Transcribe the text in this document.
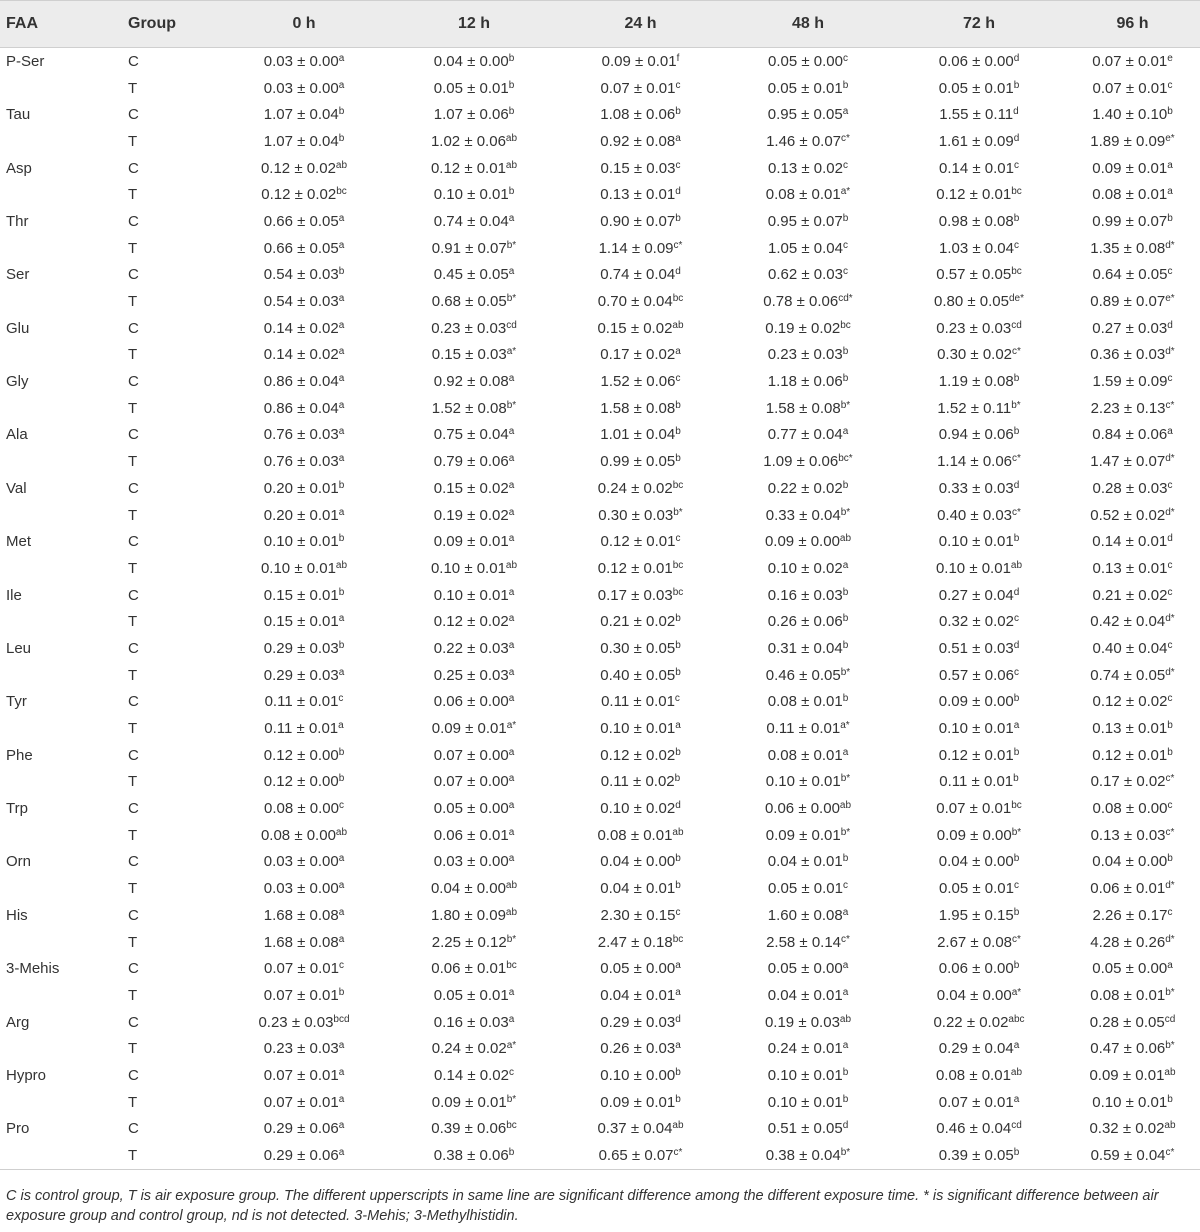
FAA	Group	0 h	12 h	24 h	48 h	72 h	96 h
P-Ser	C	0.03 ± 0.00$^a$	0.04 ± 0.00$^b$	0.09 ± 0.01$^f$	0.05 ± 0.00$^c$	0.06 ± 0.00$^d$	0.07 ± 0.01$^e$
	T	0.03 ± 0.00$^a$	0.05 ± 0.01$^b$	0.07 ± 0.01$^c$	0.05 ± 0.01$^b$	0.05 ± 0.01$^b$	0.07 ± 0.01$^c$
Tau	C	1.07 ± 0.04$^b$	1.07 ± 0.06$^b$	1.08 ± 0.06$^b$	0.95 ± 0.05$^a$	1.55 ± 0.11$^d$	1.40 ± 0.10$^b$
	T	1.07 ± 0.04$^b$	1.02 ± 0.06$^{ab}$	0.92 ± 0.08$^a$	$1.46 \pm 0.07^{c*}$	1.61 ± 0.09$^d$	$1.89 \pm 0.09^{e*}$
Asp	C	0.12 ± 0.02$^{ab}$	0.12 ± 0.01$^{ab}$	0.15 ± 0.03$^c$	0.13 ± 0.02$^c$	0.14 ± 0.01$^c$	0.09 ± 0.01$^a$
	T	0.12 ± 0.02$^{bc}$	0.10 ± 0.01$^b$	0.13 ± 0.01$^d$	$0.08 \pm 0.01^{a*}$	0.12 ± 0.01$^{bc}$	0.08 ± 0.01$^a$
Thr	C	0.66 ± 0.05$^a$	0.74 ± 0.04$^a$	0.90 ± 0.07$^b$	0.95 ± 0.07$^b$	0.98 ± 0.08$^b$	0.99 ± 0.07$^b$
	T	0.66 ± 0.05$^a$	$0.91 \pm 0.07^{b*}$	$1.14 \pm 0.09^{c*}$	1.05 ± 0.04$^c$	1.03 ± 0.04$^c$	$1.35 \pm 0.08^{d*}$
Ser	C	0.54 ± 0.03$^b$	0.45 ± 0.05$^a$	0.74 ± 0.04$^d$	0.62 ± 0.03$^c$	0.57 ± 0.05$^{bc}$	0.64 ± 0.05$^c$
	T	0.54 ± 0.03$^a$	$0.68 \pm 0.05^{b*}$	0.70 ± 0.04$^{bc}$	$0.78 \pm 0.06^{cd*}$	$0.80 \pm 0.05^{de*}$	$0.89 \pm 0.07^{e*}$
Glu	C	0.14 ± 0.02$^a$	0.23 ± 0.03$^{cd}$	0.15 ± 0.02$^{ab}$	0.19 ± 0.02$^{bc}$	0.23 ± 0.03$^{cd}$	0.27 ± 0.03$^d$
	T	0.14 ± 0.02$^a$	$0.15 \pm 0.03^{a*}$	0.17 ± 0.02$^a$	0.23 ± 0.03$^b$	$0.30 \pm 0.02^{c*}$	$0.36 \pm 0.03^{d*}$
Gly	C	0.86 ± 0.04$^a$	0.92 ± 0.08$^a$	1.52 ± 0.06$^c$	1.18 ± 0.06$^b$	1.19 ± 0.08$^b$	1.59 ± 0.09$^c$
	T	0.86 ± 0.04$^a$	$1.52 \pm 0.08^{b*}$	1.58 ± 0.08$^b$	$1.58 \pm 0.08^{b*}$	$1.52 \pm 0.11^{b*}$	$2.23 \pm 0.13^{c*}$
Ala	C	0.76 ± 0.03$^a$	0.75 ± 0.04$^a$	1.01 ± 0.04$^b$	0.77 ± 0.04$^a$	0.94 ± 0.06$^b$	0.84 ± 0.06$^a$
	T	0.76 ± 0.03$^a$	0.79 ± 0.06$^a$	0.99 ± 0.05$^b$	$1.09 \pm 0.06^{bc*}$	$1.14 \pm 0.06^{c*}$	$1.47 \pm 0.07^{d*}$
Val	C	0.20 ± 0.01$^b$	0.15 ± 0.02$^a$	0.24 ± 0.02$^{bc}$	0.22 ± 0.02$^b$	0.33 ± 0.03$^d$	0.28 ± 0.03$^c$
	T	0.20 ± 0.01$^a$	0.19 ± 0.02$^a$	$0.30 \pm 0.03^{b*}$	$0.33 \pm 0.04^{b*}$	$0.40 \pm 0.03^{c*}$	$0.52 \pm 0.02^{d*}$
Met	C	0.10 ± 0.01$^b$	0.09 ± 0.01$^a$	0.12 ± 0.01$^c$	0.09 ± 0.00$^{ab}$	0.10 ± 0.01$^b$	0.14 ± 0.01$^d$
	T	0.10 ± 0.01$^{ab}$	0.10 ± 0.01$^{ab}$	0.12 ± 0.01$^{bc}$	0.10 ± 0.02$^a$	0.10 ± 0.01$^{ab}$	0.13 ± 0.01$^c$
Ile	C	0.15 ± 0.01$^b$	0.10 ± 0.01$^a$	0.17 ± 0.03$^{bc}$	0.16 ± 0.03$^b$	0.27 ± 0.04$^d$	0.21 ± 0.02$^c$
	T	0.15 ± 0.01$^a$	0.12 ± 0.02$^a$	0.21 ± 0.02$^b$	0.26 ± 0.06$^b$	0.32 ± 0.02$^c$	$0.42 \pm 0.04^{d*}$
Leu	C	0.29 ± 0.03$^b$	0.22 ± 0.03$^a$	0.30 ± 0.05$^b$	0.31 ± 0.04$^b$	0.51 ± 0.03$^d$	0.40 ± 0.04$^c$
	T	0.29 ± 0.03$^a$	0.25 ± 0.03$^a$	0.40 ± 0.05$^b$	$0.46 \pm 0.05^{b*}$	0.57 ± 0.06$^c$	$0.74 \pm 0.05^{d*}$
Tyr	C	0.11 ± 0.01$^c$	0.06 ± 0.00$^a$	0.11 ± 0.01$^c$	0.08 ± 0.01$^b$	0.09 ± 0.00$^b$	0.12 ± 0.02$^c$
	T	0.11 ± 0.01$^a$	$0.09 \pm 0.01^{a*}$	0.10 ± 0.01$^a$	$0.11 \pm 0.01^{a*}$	0.10 ± 0.01$^a$	0.13 ± 0.01$^b$
Phe	C	0.12 ± 0.00$^b$	0.07 ± 0.00$^a$	0.12 ± 0.02$^b$	0.08 ± 0.01$^a$	0.12 ± 0.01$^b$	0.12 ± 0.01$^b$
	T	0.12 ± 0.00$^b$	0.07 ± 0.00$^a$	0.11 ± 0.02$^b$	$0.10 \pm 0.01^{b*}$	0.11 ± 0.01$^b$	$0.17 \pm 0.02^{c*}$
Trp	C	0.08 ± 0.00$^c$	0.05 ± 0.00$^a$	0.10 ± 0.02$^d$	0.06 ± 0.00$^{ab}$	0.07 ± 0.01$^{bc}$	0.08 ± 0.00$^c$
	T	0.08 ± 0.00$^{ab}$	0.06 ± 0.01$^a$	0.08 ± 0.01$^{ab}$	$0.09 \pm 0.01^{b*}$	$0.09 \pm 0.00^{b*}$	$0.13 \pm 0.03^{c*}$
Orn	C	0.03 ± 0.00$^a$	0.03 ± 0.00$^a$	0.04 ± 0.00$^b$	0.04 ± 0.01$^b$	0.04 ± 0.00$^b$	0.04 ± 0.00$^b$
	T	0.03 ± 0.00$^a$	0.04 ± 0.00$^{ab}$	0.04 ± 0.01$^b$	0.05 ± 0.01$^c$	0.05 ± 0.01$^c$	$0.06 \pm 0.01^{d*}$
His	C	1.68 ± 0.08$^a$	1.80 ± 0.09$^{ab}$	2.30 ± 0.15$^c$	1.60 ± 0.08$^a$	1.95 ± 0.15$^b$	2.26 ± 0.17$^c$
	T	1.68 ± 0.08$^a$	$2.25 \pm 0.12^{b*}$	2.47 ± 0.18$^{bc}$	$2.58 \pm 0.14^{c*}$	$2.67 \pm 0.08^{c*}$	$4.28 \pm 0.26^{d*}$
3-Mehis	C	0.07 ± 0.01$^c$	0.06 ± 0.01$^{bc}$	0.05 ± 0.00$^a$	0.05 ± 0.00$^a$	0.06 ± 0.00$^b$	0.05 ± 0.00$^a$
	T	0.07 ± 0.01$^b$	0.05 ± 0.01$^a$	0.04 ± 0.01$^a$	0.04 ± 0.01$^a$	$0.04 \pm 0.00^{a*}$	$0.08 \pm 0.01^{b*}$
Arg	C	0.23 ± 0.03$^{bcd}$	0.16 ± 0.03$^a$	0.29 ± 0.03$^d$	0.19 ± 0.03$^{ab}$	0.22 ± 0.02$^{abc}$	0.28 ± 0.05$^{cd}$
	T	0.23 ± 0.03$^a$	$0.24 \pm 0.02^{a*}$	0.26 ± 0.03$^a$	0.24 ± 0.01$^a$	0.29 ± 0.04$^a$	$0.47 \pm 0.06^{b*}$
Hypro	C	0.07 ± 0.01$^a$	0.14 ± 0.02$^c$	0.10 ± 0.00$^b$	0.10 ± 0.01$^b$	0.08 ± 0.01$^{ab}$	0.09 ± 0.01$^{ab}$
	T	0.07 ± 0.01$^a$	$0.09 \pm 0.01^{b*}$	0.09 ± 0.01$^b$	0.10 ± 0.01$^b$	0.07 ± 0.01$^a$	0.10 ± 0.01$^b$
Pro	C	0.29 ± 0.06$^a$	0.39 ± 0.06$^{bc}$	0.37 ± 0.04$^{ab}$	0.51 ± 0.05$^d$	0.46 ± 0.04$^{cd}$	0.32 ± 0.02$^{ab}$
	T	0.29 ± 0.06$^a$	0.38 ± 0.06$^b$	$0.65 \pm 0.07^{c*}$	$0.38 \pm 0.04^{b*}$	0.39 ± 0.05$^b$	$0.59 \pm 0.04^{c*}$
C is control group, T is air exposure group. The different upperscripts in same line are significant difference among the different exposure time. * is significant difference between air exposure group and control group, nd is not detected. 3-Mehis; 3-Methylhistidin.
